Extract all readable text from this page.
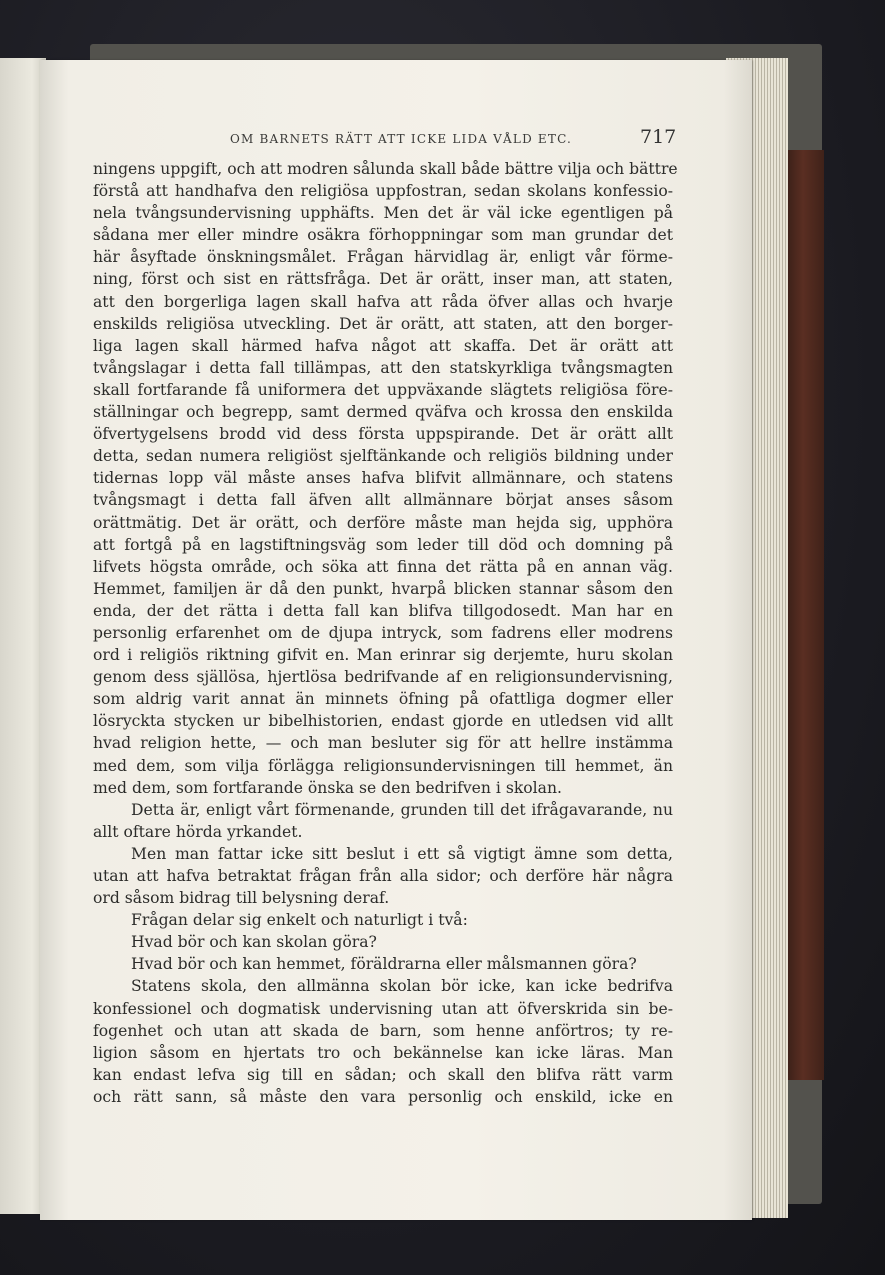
OM BARNETS RÄTT ATT ICKE LIDA VÅLD ETC.	717
ningens uppgift, och att modren sålunda skall både bättre vilja och bättre
förstå att handhafva den religiösa uppfostran, sedan skolans konfessio-
nela tvångsundervisning upphäfts. Men det är väl icke egentligen på
sådana mer eller mindre osäkra förhoppningar som man grundar det
här åsyftade önskningsmålet. Frågan härvidlag är, enligt vår förme-
ning, först och sist en rättsfråga. Det är orätt, inser man, att staten,
att den borgerliga lagen skall hafva att råda öfver allas och hvarje
enskilds religiösa utveckling. Det är orätt, att staten, att den borger-
liga lagen skall härmed hafva något att skaffa. Det är orätt att
tvångslagar i detta fall tillämpas, att den statskyrkliga tvångsmagten
skall fortfarande få uniformera det uppväxande slägtets religiösa före-
ställningar och begrepp, samt dermed qväfva och krossa den enskilda
öfvertygelsens brodd vid dess första uppspirande. Det är orätt allt
detta, sedan numera religiöst sjelftänkande och religiös bildning under
tidernas lopp väl måste anses hafva blifvit allmännare, och statens
tvångsmagt i detta fall äfven allt allmännare börjat anses såsom
orättmätig. Det är orätt, och derföre måste man hejda sig, upphöra
att fortgå på en lagstiftningsväg som leder till död och domning på
lifvets högsta område, och söka att finna det rätta på en annan väg.
Hemmet, familjen är då den punkt, hvarpå blicken stannar såsom den
enda, der det rätta i detta fall kan blifva tillgodosedt. Man har en
personlig erfarenhet om de djupa intryck, som fadrens eller modrens
ord i religiös riktning gifvit en. Man erinrar sig derjemte, huru skolan
genom dess själlösa, hjertlösa bedrifvande af en religionsundervisning,
som aldrig varit annat än minnets öfning på ofattliga dogmer eller
lösryckta stycken ur bibelhistorien, endast gjorde en utledsen vid allt
hvad religion hette, — och man besluter sig för att hellre instämma
med dem, som vilja förlägga religionsundervisningen till hemmet, än
med dem, som fortfarande önska se den bedrifven i skolan.
Detta är, enligt vårt förmenande, grunden till det ifrågavarande, nu
allt oftare hörda yrkandet.
Men man fattar icke sitt beslut i ett så vigtigt ämne som detta,
utan att hafva betraktat frågan från alla sidor; och derföre här några
ord såsom bidrag till belysning deraf.
Frågan delar sig enkelt och naturligt i två:
Hvad bör och kan skolan göra?
Hvad bör och kan hemmet, föräldrarna eller målsmannen göra?
Statens skola, den allmänna skolan bör icke, kan icke bedrifva
konfessionel och dogmatisk undervisning utan att öfverskrida sin be-
fogenhet och utan att skada de barn, som henne anförtros; ty re-
ligion såsom en hjertats tro och bekännelse kan icke läras. Man
kan endast lefva sig till en sådan; och skall den blifva rätt varm
och rätt sann, så måste den vara personlig och enskild, icke en
